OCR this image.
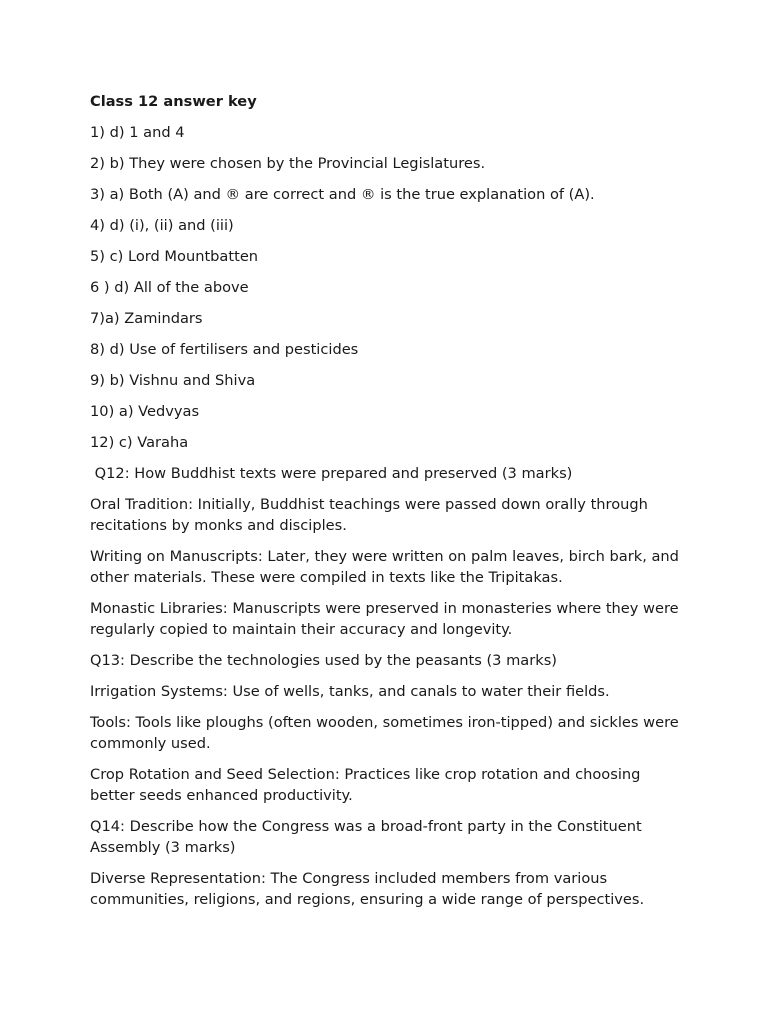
Class 12 answer key
1) d) 1 and 4
2) b) They were chosen by the Provincial Legislatures.
3) a) Both (A) and ® are correct and ® is the true explanation of (A).
4) d) (i), (ii) and (iii)
5) c) Lord Mountbatten
6 ) d) All of the above
7)a) Zamindars
8) d) Use of fertilisers and pesticides
9) b) Vishnu and Shiva
10) a) Vedvyas
12) c) Varaha
Q12: How Buddhist texts were prepared and preserved (3 marks)
Oral Tradition: Initially, Buddhist teachings were passed down orally through recitations by monks and disciples.
Writing on Manuscripts: Later, they were written on palm leaves, birch bark, and other materials. These were compiled in texts like the Tripitakas.
Monastic Libraries: Manuscripts were preserved in monasteries where they were regularly copied to maintain their accuracy and longevity.
Q13: Describe the technologies used by the peasants (3 marks)
Irrigation Systems: Use of wells, tanks, and canals to water their fields.
Tools: Tools like ploughs (often wooden, sometimes iron-tipped) and sickles were commonly used.
Crop Rotation and Seed Selection: Practices like crop rotation and choosing better seeds enhanced productivity.
Q14: Describe how the Congress was a broad-front party in the Constituent Assembly (3 marks)
Diverse Representation: The Congress included members from various communities, religions, and regions, ensuring a wide range of perspectives.
